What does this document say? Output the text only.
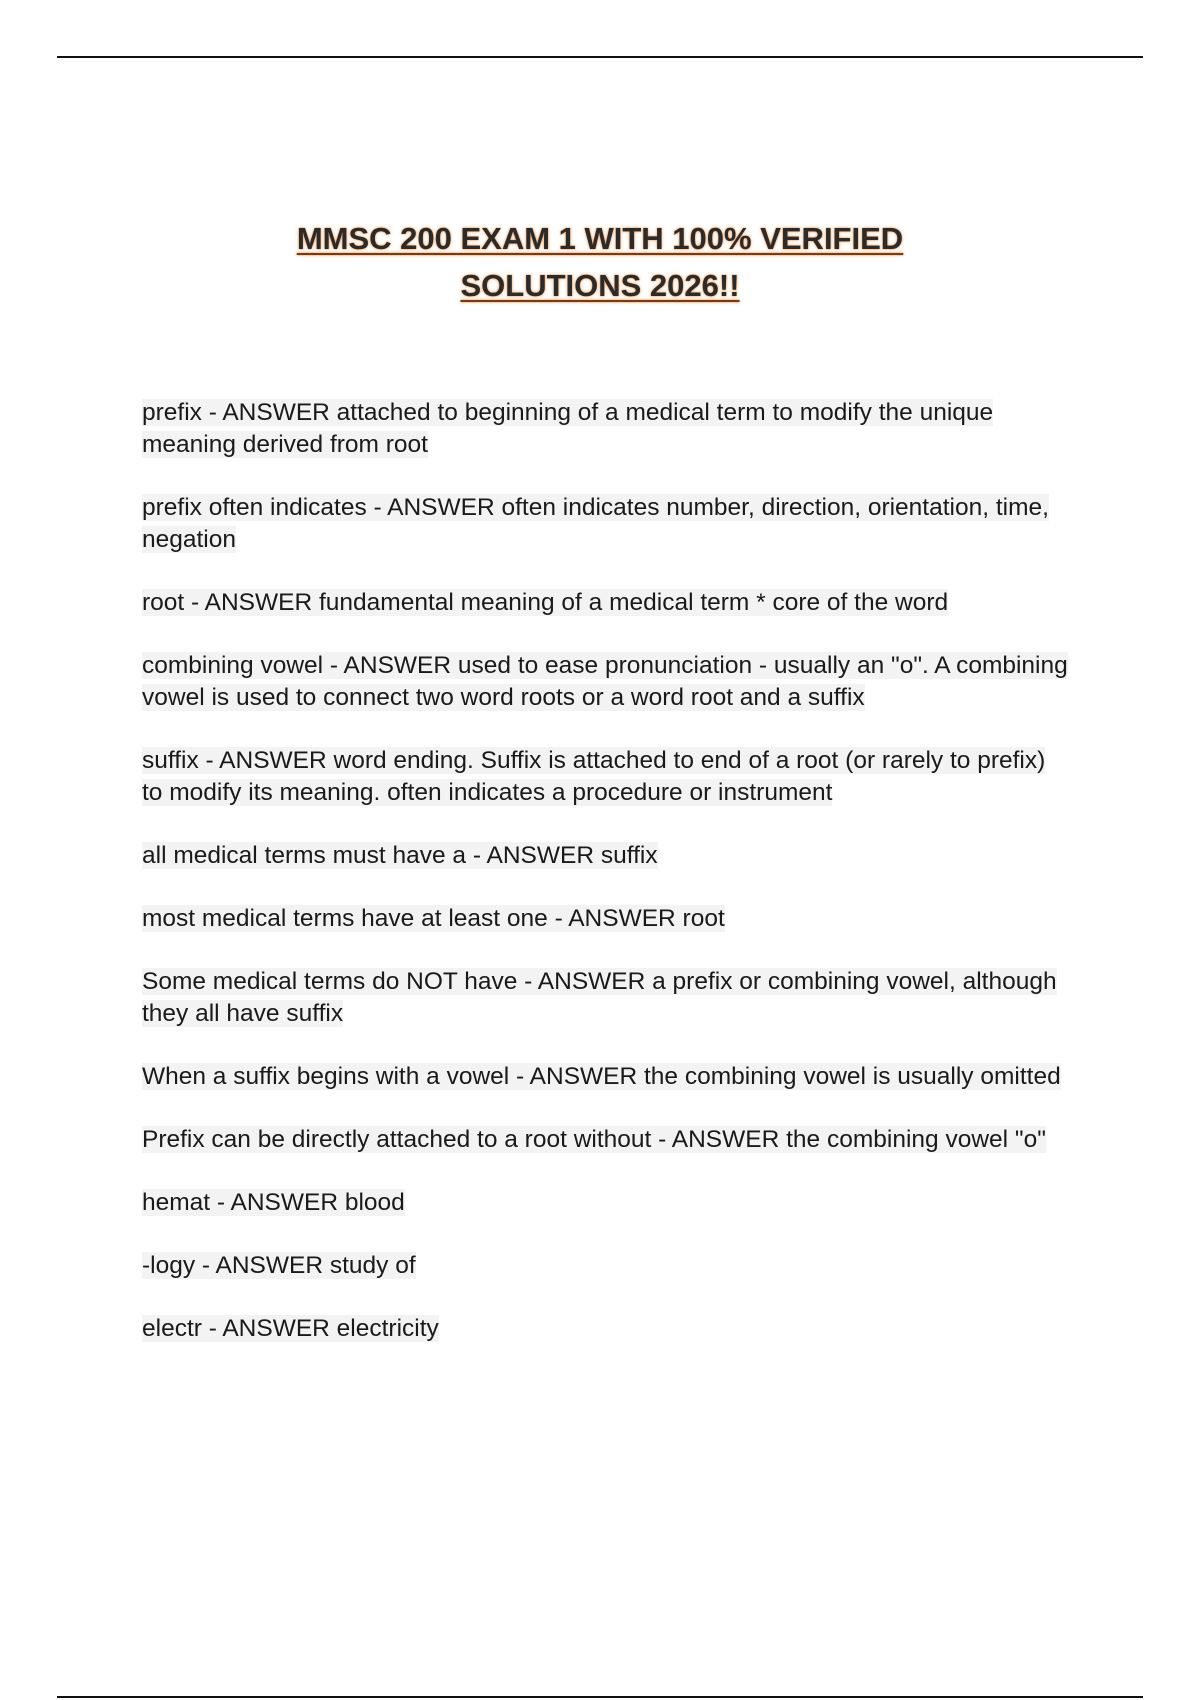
MMSC 200 EXAM 1 WITH 100% VERIFIED
SOLUTIONS 2026!!
prefix - ANSWER attached to beginning of a medical term to modify the unique meaning derived from root
prefix often indicates - ANSWER often indicates number, direction, orientation, time, negation
root - ANSWER fundamental meaning of a medical term * core of the word
combining vowel - ANSWER used to ease pronunciation - usually an "o". A combining vowel is used to connect two word roots or a word root and a suffix
suffix - ANSWER word ending. Suffix is attached to end of a root (or rarely to prefix) to modify its meaning. often indicates a procedure or instrument
all medical terms must have a - ANSWER suffix
most medical terms have at least one - ANSWER root
Some medical terms do NOT have - ANSWER a prefix or combining vowel, although they all have suffix
When a suffix begins with a vowel - ANSWER the combining vowel is usually omitted
Prefix can be directly attached to a root without - ANSWER the combining vowel "o"
hemat - ANSWER blood
-logy - ANSWER study of
electr - ANSWER electricity
